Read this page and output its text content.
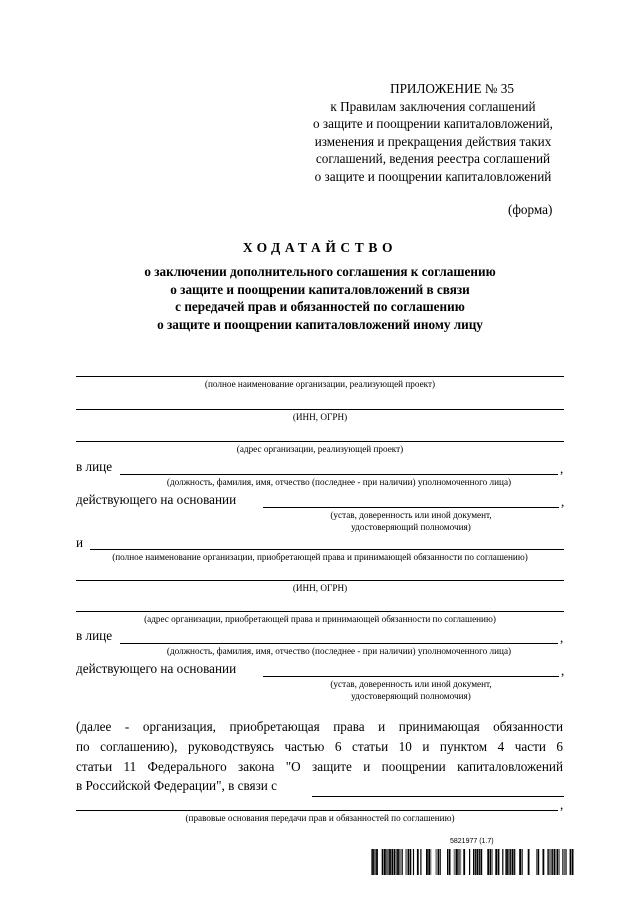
ПРИЛОЖЕНИЕ № 35
к Правилам заключения соглашений
о защите и поощрении капиталовложений,
изменения и прекращения действия таких
соглашений, ведения реестра соглашений
о защите и поощрении капиталовложений
(форма)
ХОДАТАЙСТВО
о заключении дополнительного соглашения к соглашению
о защите и поощрении капиталовложений в связи
с передачей прав и обязанностей по соглашению
о защите и поощрении капиталовложений иному лицу
(полное наименование организации, реализующей проект)
(ИНН, ОГРН)
(адрес организации, реализующей проект)
в лице	,
(должность, фамилия, имя, отчество (последнее - при наличии) уполномоченного лица)
действующего на основании	,
(устав, доверенность или иной документ,
удостоверяющий полномочия)
и
(полное наименование организации, приобретающей права и принимающей обязанности по соглашению)
(ИНН, ОГРН)
(адрес организации, приобретающей права и принимающей обязанности по соглашению)
в лице	,
(должность, фамилия, имя, отчество (последнее - при наличии) уполномоченного лица)
действующего на основании	,
(устав, доверенность или иной документ,
удостоверяющий полномочия)
(далее - организация, приобретающая права и принимающая обязанности
по соглашению), руководствуясь частью 6 статьи 10 и пунктом 4 части 6
статьи 11 Федерального закона "О защите и поощрении капиталовложений
в Российской Федерации", в связи с
,
(правовые основания передачи прав и обязанностей по соглашению)
5821977 (1.7)
